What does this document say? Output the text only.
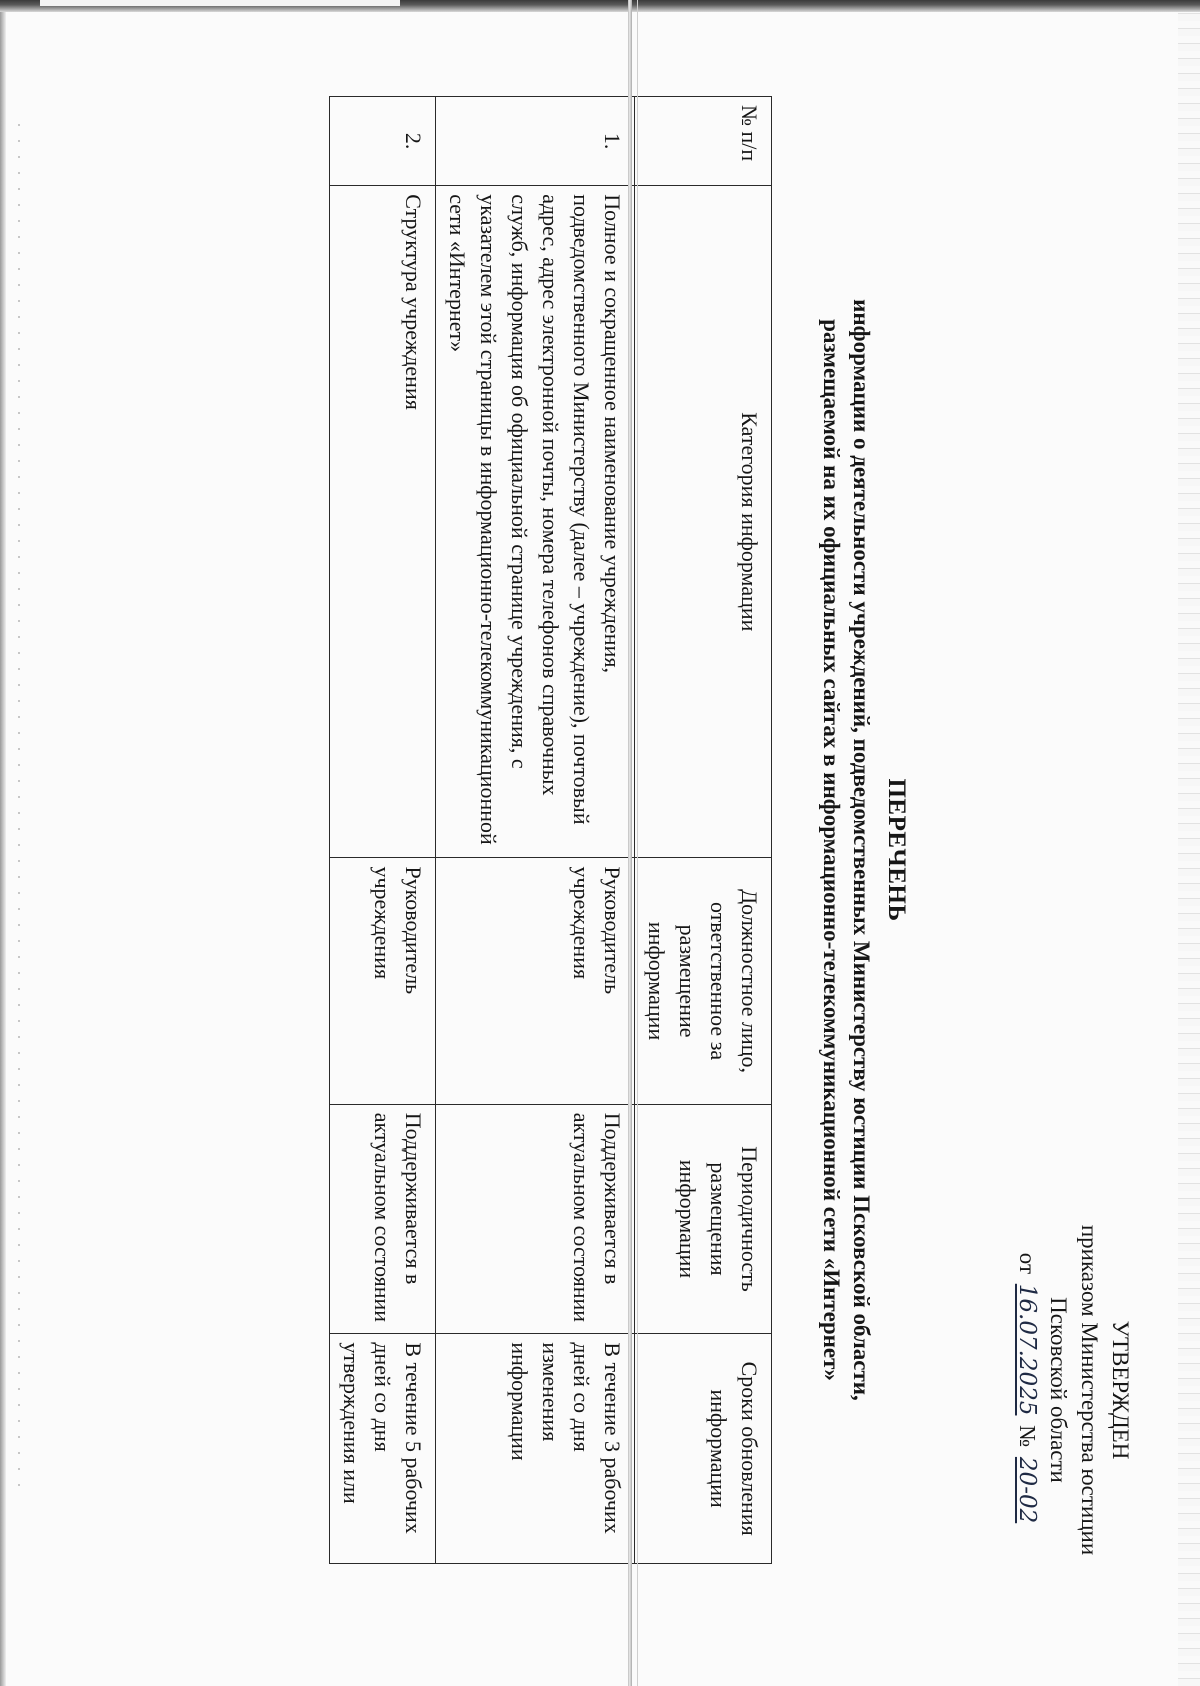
УТВЕРЖДЕН
приказом Министерства юстиции
Псковской области
от 16.07.2025 № 20-02
ПЕРЕЧЕНЬ
информации о деятельности учреждений, подведомственных Министерству юстиции Псковской области,
размещаемой на их официальных сайтах в информационно-телекоммуникационной сети «Интернет»
№ п/п	Категория информации	Должностное лицо, ответственное за размещение информации	Периодичность размещения информации	Сроки обновления информации
1.	Полное и сокращенное наименование учреждения, подведомственного Министерству (далее – учреждение), почтовый адрес, адрес электронной почты, номера телефонов справочных служб, информация об официальной странице учреждения, с указателем этой страницы в информационно-телекоммуникационной сети «Интернет»	Руководитель учреждения	Поддерживается в актуальном состоянии	В течение 3 рабочих дней со дня изменения информации
2.	Структура учреждения	Руководитель учреждения	Поддерживается в актуальном состоянии	В течение 5 рабочих дней со дня утверждения или
